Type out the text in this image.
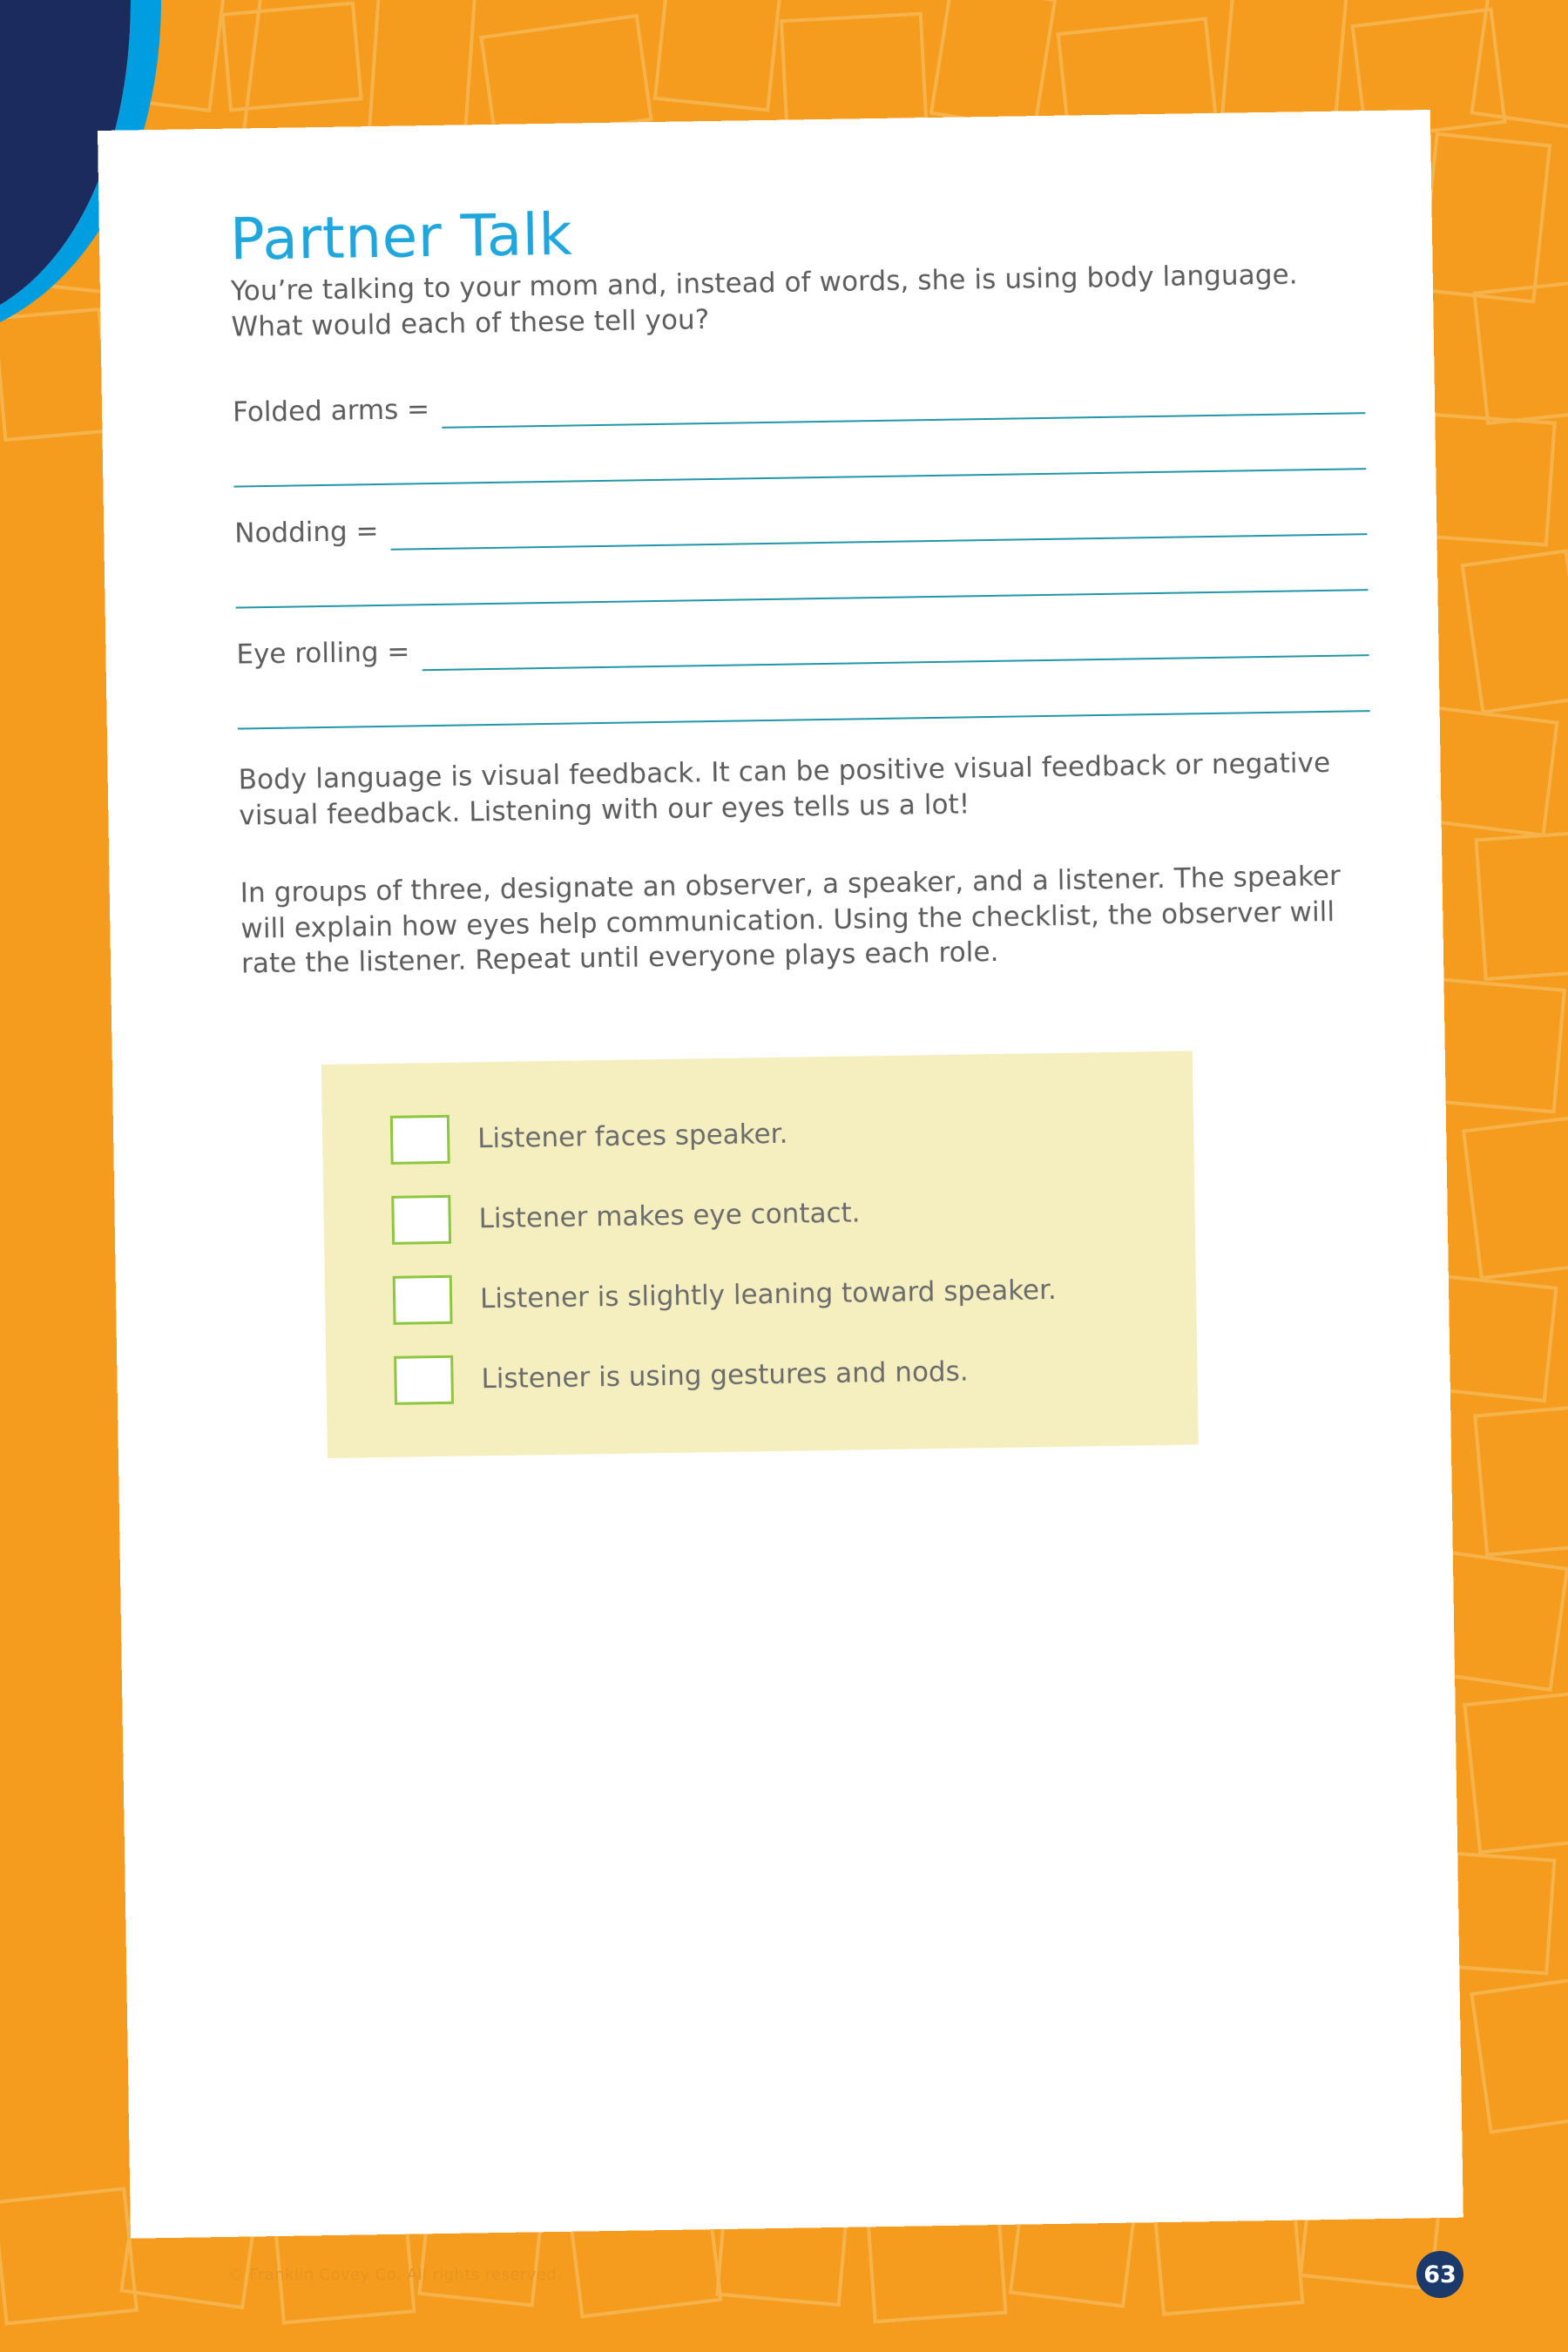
Partner Talk

You’re talking to your mom and, instead of words, she is using body language. What would each of these tell you?

Folded arms =
Nodding =
Eye rolling =

Body language is visual feedback. It can be positive visual feedback or negative visual feedback. Listening with our eyes tells us a lot!

In groups of three, designate an observer, a speaker, and a listener. The speaker will explain how eyes help communication. Using the checklist, the observer will rate the listener. Repeat until everyone plays each role.

Listener faces speaker.
Listener makes eye contact.
Listener is slightly leaning toward speaker.
Listener is using gestures and nods.
© Franklin Covey Co. All rights reserved.	63
